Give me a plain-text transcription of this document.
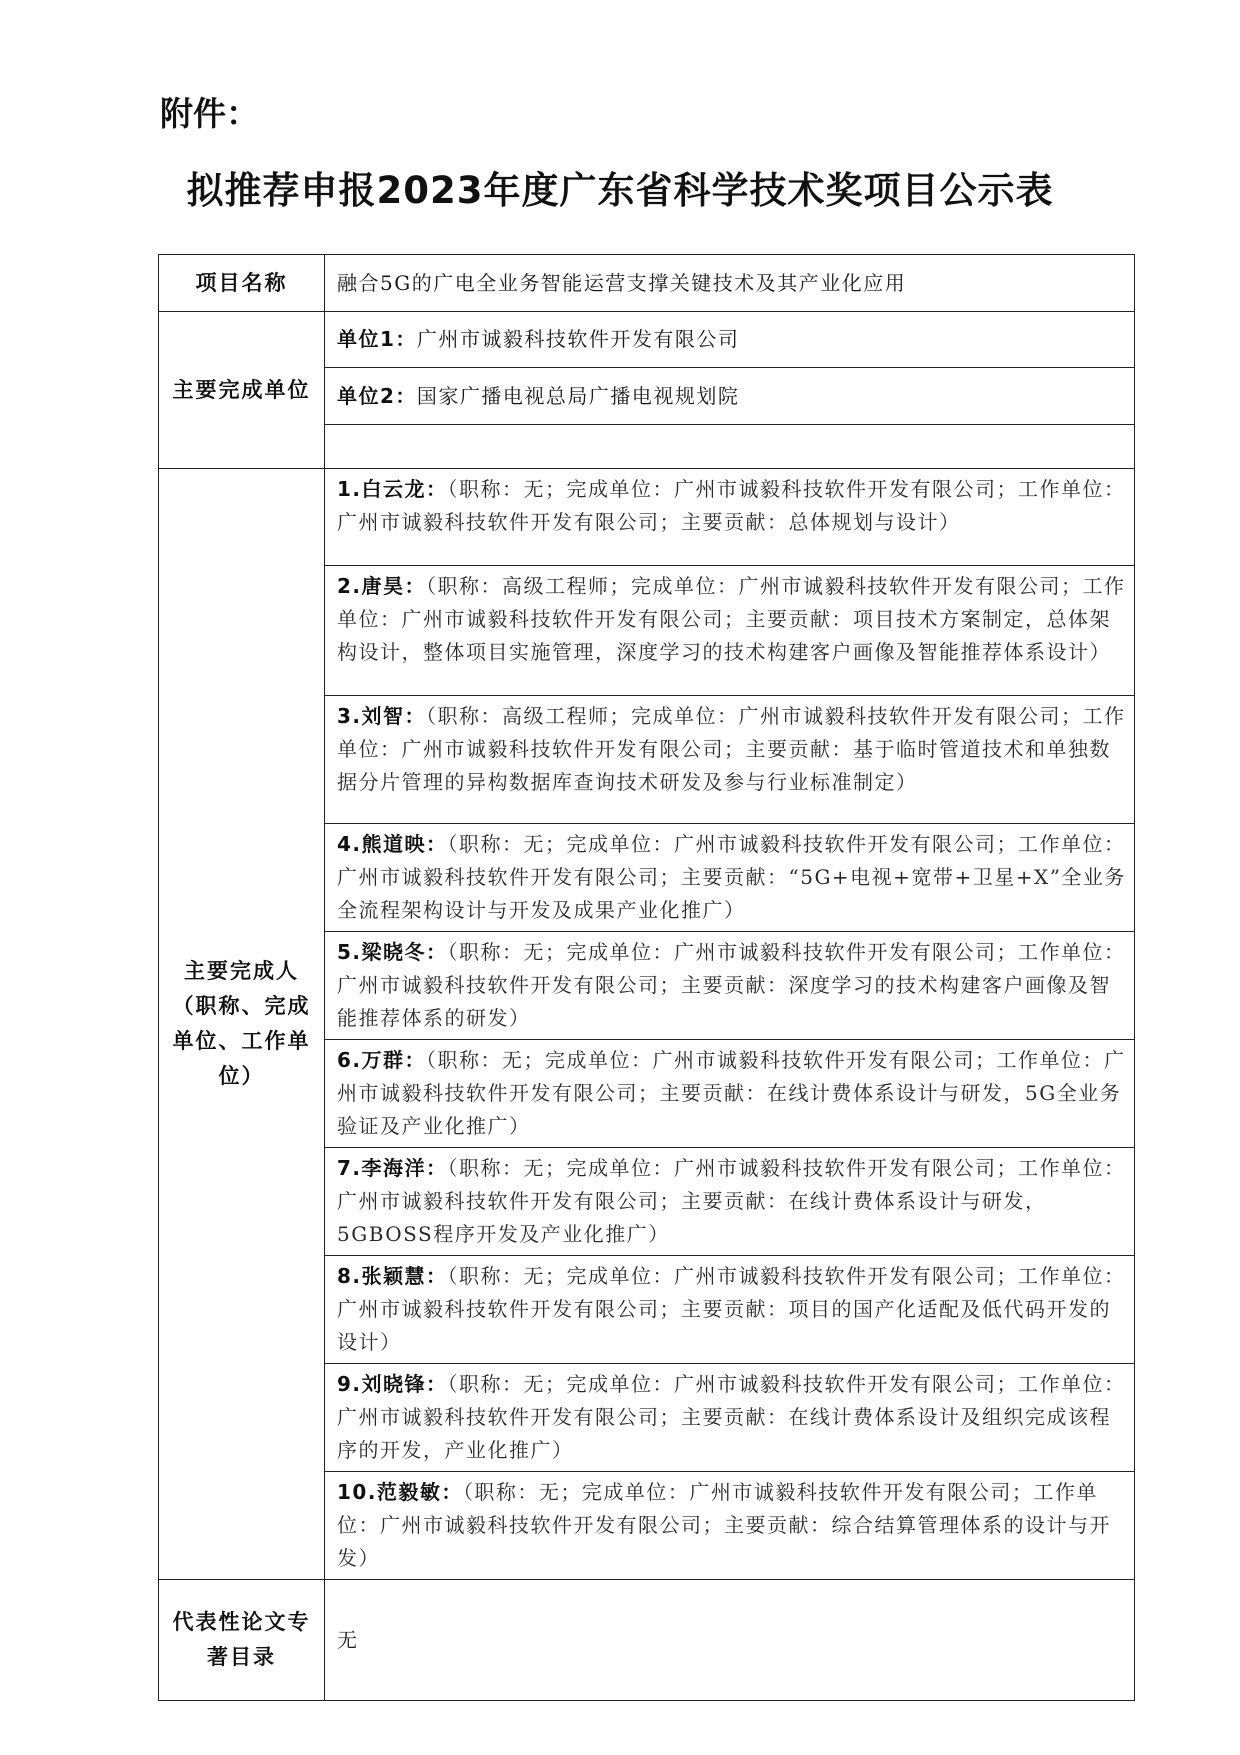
附件：
拟推荐申报2023年度广东省科学技术奖项目公示表
项目名称	融合5G的广电全业务智能运营支撑关键技术及其产业化应用
主要完成单位	单位1：广州市诚毅科技软件开发有限公司
	单位2：国家广播电视总局广播电视规划院

主要完成人（职称、完成单位、工作单位）	1.白云龙：（职称：无；完成单位：广州市诚毅科技软件开发有限公司；工作单位：广州市诚毅科技软件开发有限公司；主要贡献：总体规划与设计）
	2.唐昊：（职称：高级工程师；完成单位：广州市诚毅科技软件开发有限公司；工作单位：广州市诚毅科技软件开发有限公司；主要贡献：项目技术方案制定，总体架构设计，整体项目实施管理，深度学习的技术构建客户画像及智能推荐体系设计）
	3.刘智：（职称：高级工程师；完成单位：广州市诚毅科技软件开发有限公司；工作单位：广州市诚毅科技软件开发有限公司；主要贡献：基于临时管道技术和单独数据分片管理的异构数据库查询技术研发及参与行业标准制定）
	4.熊道映：（职称：无；完成单位：广州市诚毅科技软件开发有限公司；工作单位：广州市诚毅科技软件开发有限公司；主要贡献：“5G+电视+宽带+卫星+X”全业务全流程架构设计与开发及成果产业化推广）
	5.梁晓冬：（职称：无；完成单位：广州市诚毅科技软件开发有限公司；工作单位：广州市诚毅科技软件开发有限公司；主要贡献：深度学习的技术构建客户画像及智能推荐体系的研发）
	6.万群：（职称：无；完成单位：广州市诚毅科技软件开发有限公司；工作单位：广州市诚毅科技软件开发有限公司；主要贡献：在线计费体系设计与研发，5G全业务验证及产业化推广）
	7.李海洋：（职称：无；完成单位：广州市诚毅科技软件开发有限公司；工作单位：广州市诚毅科技软件开发有限公司；主要贡献：在线计费体系设计与研发，5GBOSS程序开发及产业化推广）
	8.张颖慧：（职称：无；完成单位：广州市诚毅科技软件开发有限公司；工作单位：广州市诚毅科技软件开发有限公司；主要贡献：项目的国产化适配及低代码开发的设计）
	9.刘晓锋：（职称：无；完成单位：广州市诚毅科技软件开发有限公司；工作单位：广州市诚毅科技软件开发有限公司；主要贡献：在线计费体系设计及组织完成该程序的开发，产业化推广）
	10.范毅敏：（职称：无；完成单位：广州市诚毅科技软件开发有限公司；工作单位：广州市诚毅科技软件开发有限公司；主要贡献：综合结算管理体系的设计与开发）
代表性论文专著目录	无
